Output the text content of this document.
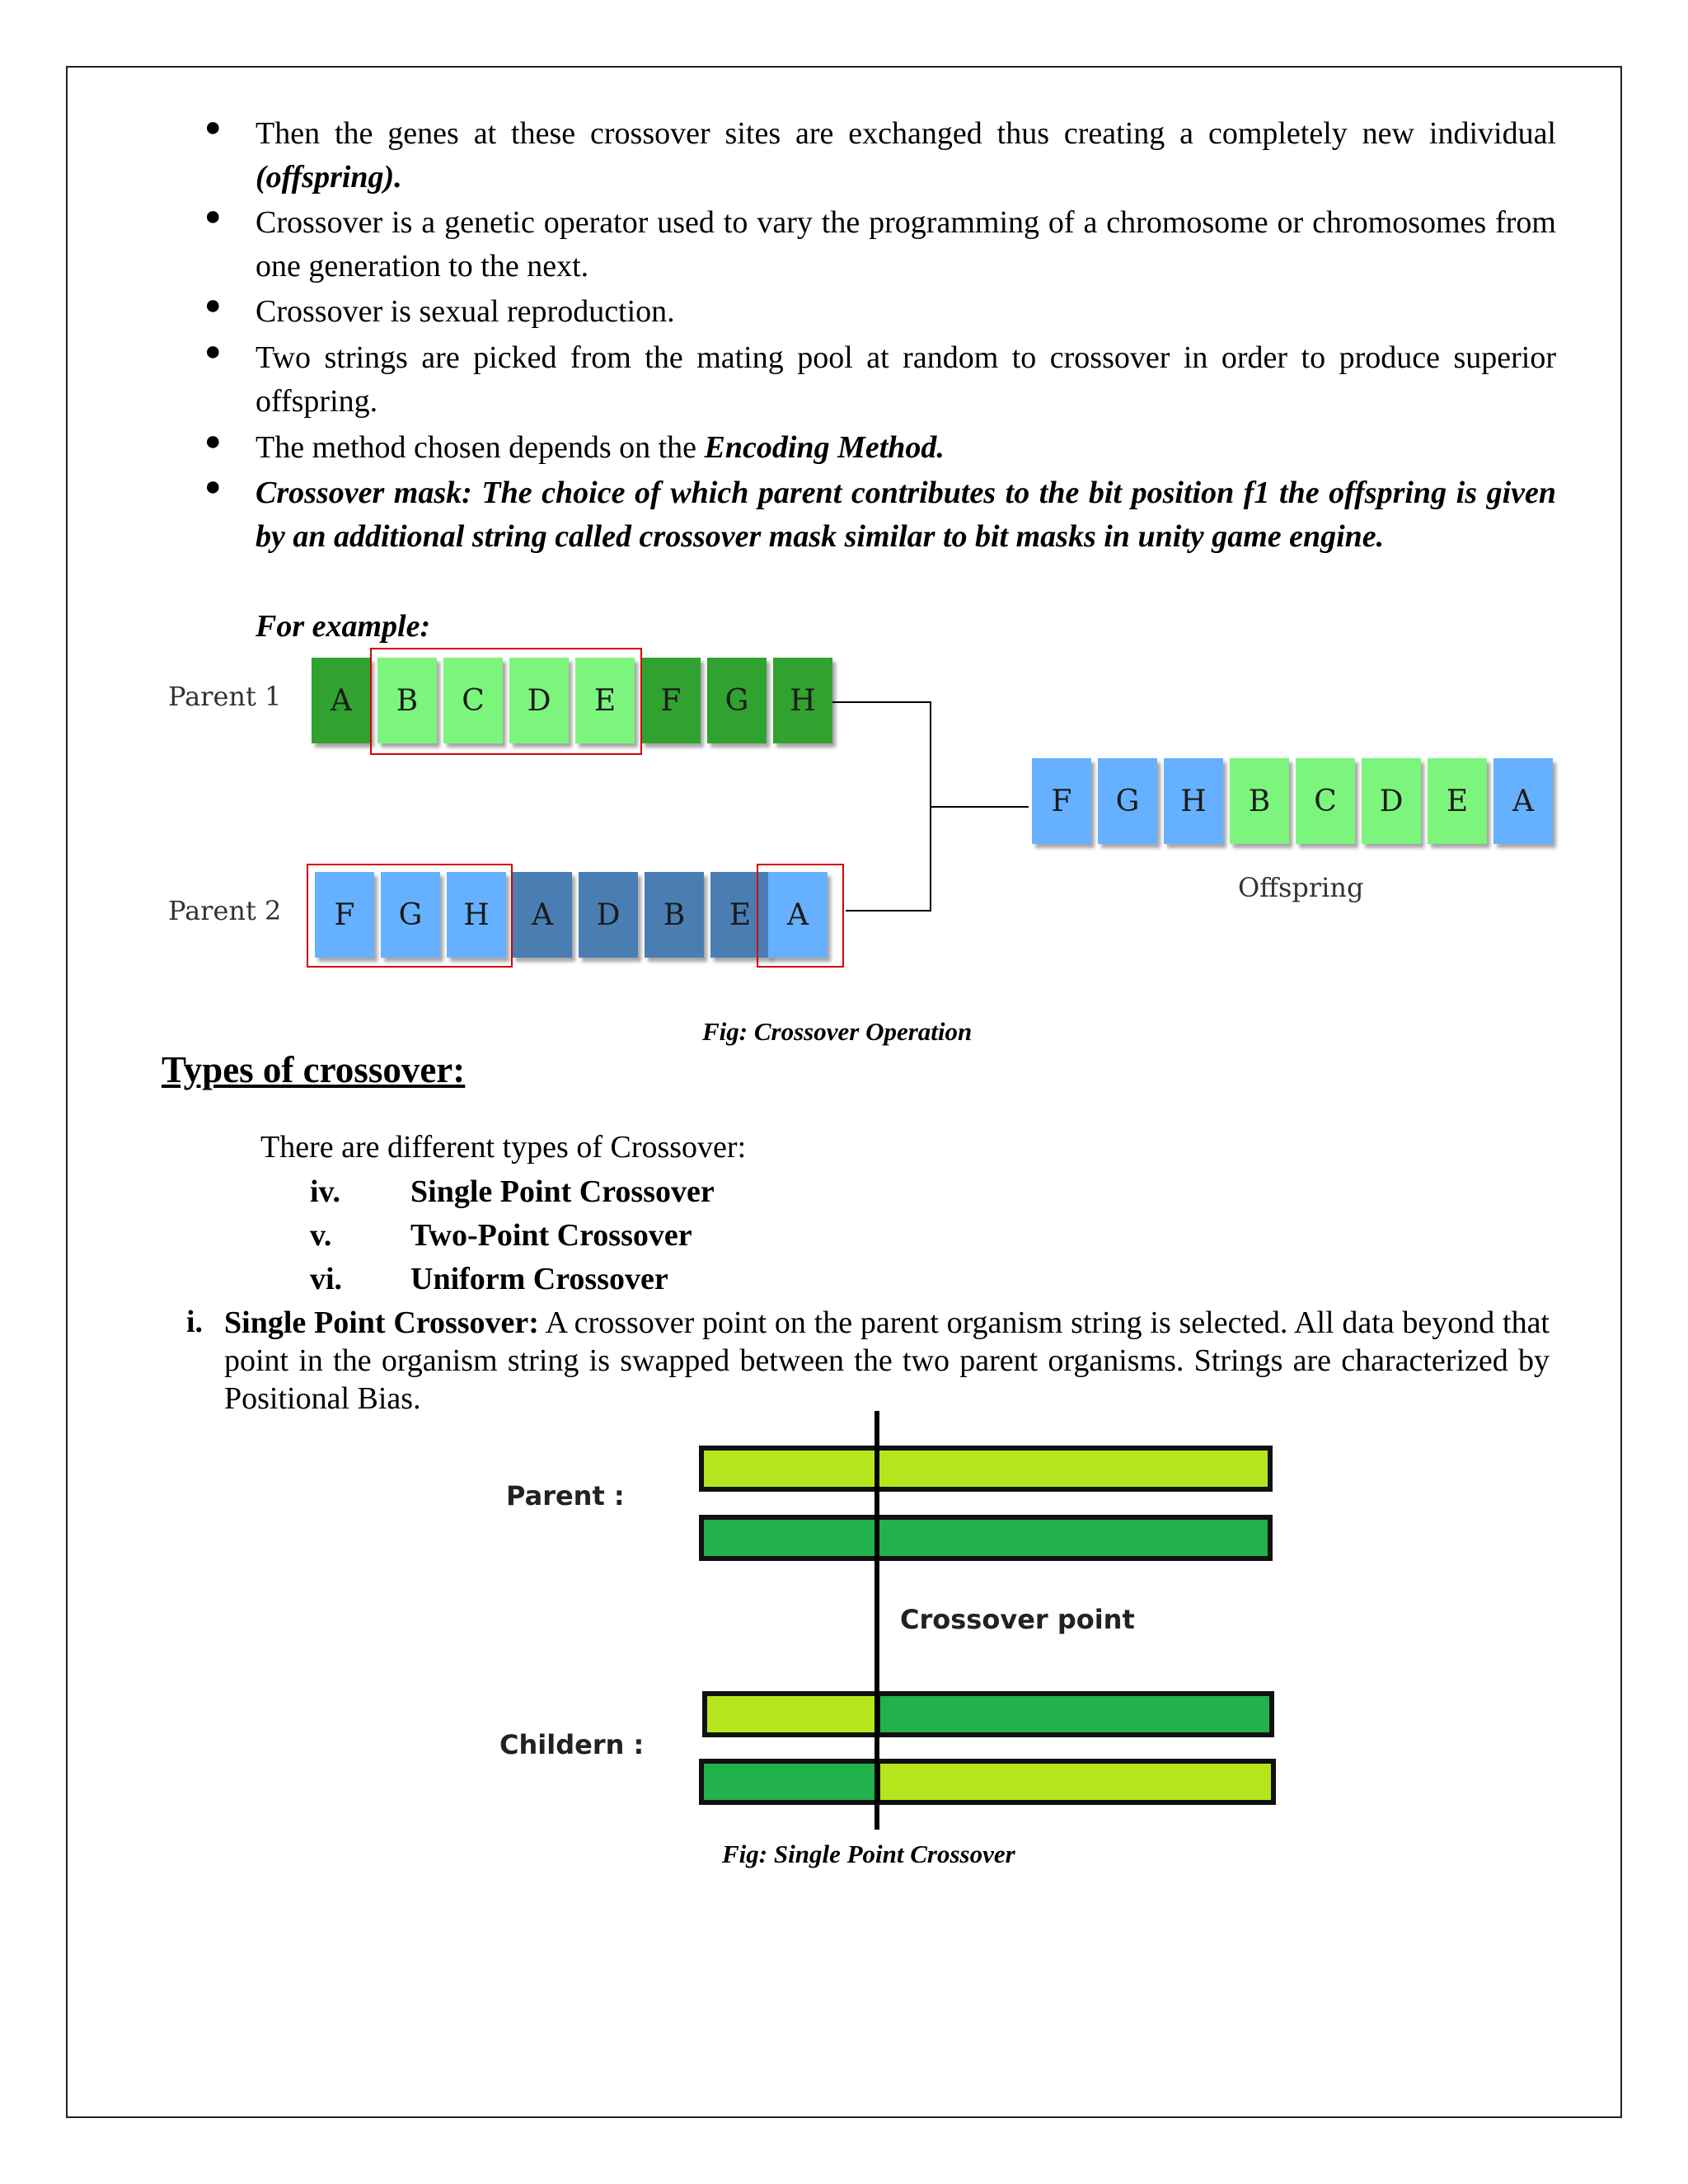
● Then the genes at these crossover sites are exchanged thus creating a completely new individual (offspring).
● Crossover is a genetic operator used to vary the programming of a chromosome or chromosomes from one generation to the next.
● Crossover is sexual reproduction.
● Two strings are picked from the mating pool at random to crossover in order to produce superior offspring.
● The method chosen depends on the Encoding Method.
● Crossover mask: The choice of which parent contributes to the bit position f1 the offspring is given by an additional string called crossover mask similar to bit masks in unity game engine.
For example:
Parent 1
Parent 2
Offspring
A	B	C	D	E	F	G	H
F	G	H	A	D	B	E	A
F	G	H	B	C	D	E	A
Fig: Crossover Operation
Types of crossover:
There are different types of Crossover:
iv. Single Point Crossover
v.	Two-Point Crossover
vi. Uniform Crossover
i. Single Point Crossover: A crossover point on the parent organism string is selected. All data beyond that point in the organism string is swapped between the two parent organisms. Strings are characterized by Positional Bias.
Parent :
Childern :
Crossover point
Fig: Single Point Crossover
